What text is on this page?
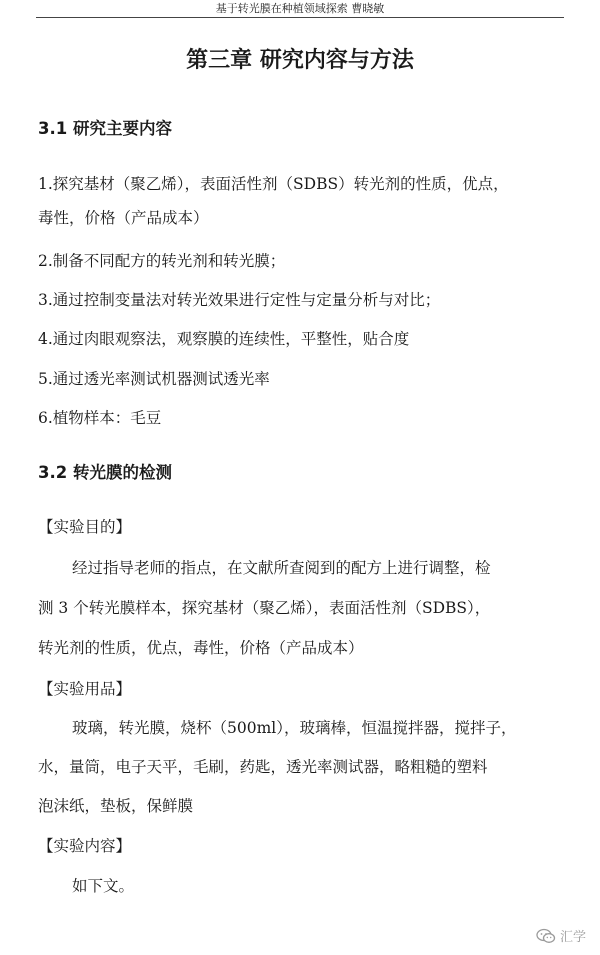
基于转光膜在种植领域探索 曹晓敏
第三章 研究内容与方法
3.1 研究主要内容
1.探究基材（聚乙烯），表面活性剂（SDBS）转光剂的性质，优点，
毒性，价格（产品成本）
2.制备不同配方的转光剂和转光膜；
3.通过控制变量法对转光效果进行定性与定量分析与对比；
4.通过肉眼观察法，观察膜的连续性，平整性，贴合度
5.通过透光率测试机器测试透光率
6.植物样本：毛豆
3.2 转光膜的检测
【实验目的】
经过指导老师的指点，在文献所查阅到的配方上进行调整，检
测 3 个转光膜样本，探究基材（聚乙烯），表面活性剂（SDBS），
转光剂的性质，优点，毒性，价格（产品成本）
【实验用品】
玻璃，转光膜，烧杯（500ml），玻璃棒，恒温搅拌器，搅拌子，
水，量筒，电子天平，毛刷，药匙，透光率测试器，略粗糙的塑料
泡沫纸，垫板，保鲜膜
【实验内容】
如下文。
汇学
